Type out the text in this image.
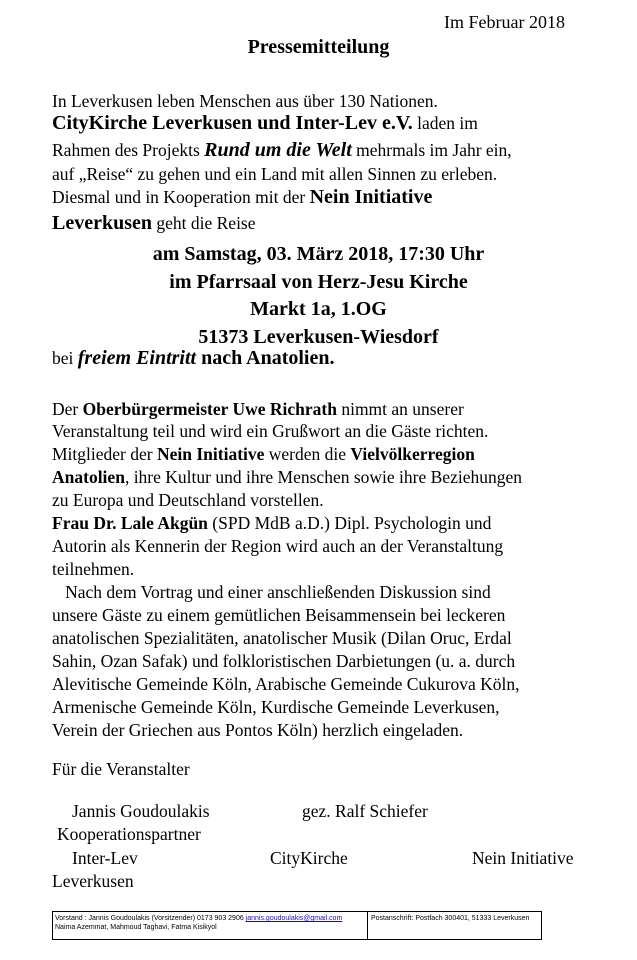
Im Februar 2018
Pressemitteilung
In Leverkusen leben Menschen aus über 130 Nationen.
CityKirche Leverkusen und Inter-Lev e.V. laden im
Rahmen des Projekts Rund um die Welt mehrmals im Jahr ein,
auf „Reise“ zu gehen und ein Land mit allen Sinnen zu erleben.
Diesmal und in Kooperation mit der Nein Initiative
Leverkusen geht die Reise
am Samstag, 03. März 2018, 17:30 Uhr
im Pfarrsaal von Herz-Jesu Kirche
Markt 1a, 1.OG
51373 Leverkusen-Wiesdorf
bei freiem Eintritt nach Anatolien.
Der Oberbürgermeister Uwe Richrath nimmt an unserer
Veranstaltung teil und wird ein Grußwort an die Gäste richten.
Mitglieder der Nein Initiative werden die Vielvölkerregion
Anatolien, ihre Kultur und ihre Menschen sowie ihre Beziehungen
zu Europa und Deutschland vorstellen.
Frau Dr. Lale Akgün (SPD MdB a.D.) Dipl. Psychologin und
Autorin als Kennerin der Region wird auch an der Veranstaltung
teilnehmen.
Nach dem Vortrag und einer anschließenden Diskussion sind
unsere Gäste zu einem gemütlichen Beisammensein bei leckeren
anatolischen Spezialitäten, anatolischer Musik (Dilan Oruc, Erdal
Sahin, Ozan Safak) und folkloristischen Darbietungen (u. a. durch
Alevitische Gemeinde Köln, Arabische Gemeinde Cukurova Köln,
Armenische Gemeinde Köln, Kurdische Gemeinde Leverkusen,
Verein der Griechen aus Pontos Köln) herzlich eingeladen.
Für die Veranstalter
Jannis Goudoulakis	gez. Ralf Schiefer
Kooperationspartner
Inter-Lev	CityKirche	Nein Initiative
Leverkusen
Vorstand : Jannis Goudoulakis (Vorsitzender) 0173 903 2906 jannis.goudoulakis@gmail.com
Naima Azemmat, Mahmoud Taghavi, Fatma Kisikyol
Postanschrift: Postfach 300401, 51333 Leverkusen
